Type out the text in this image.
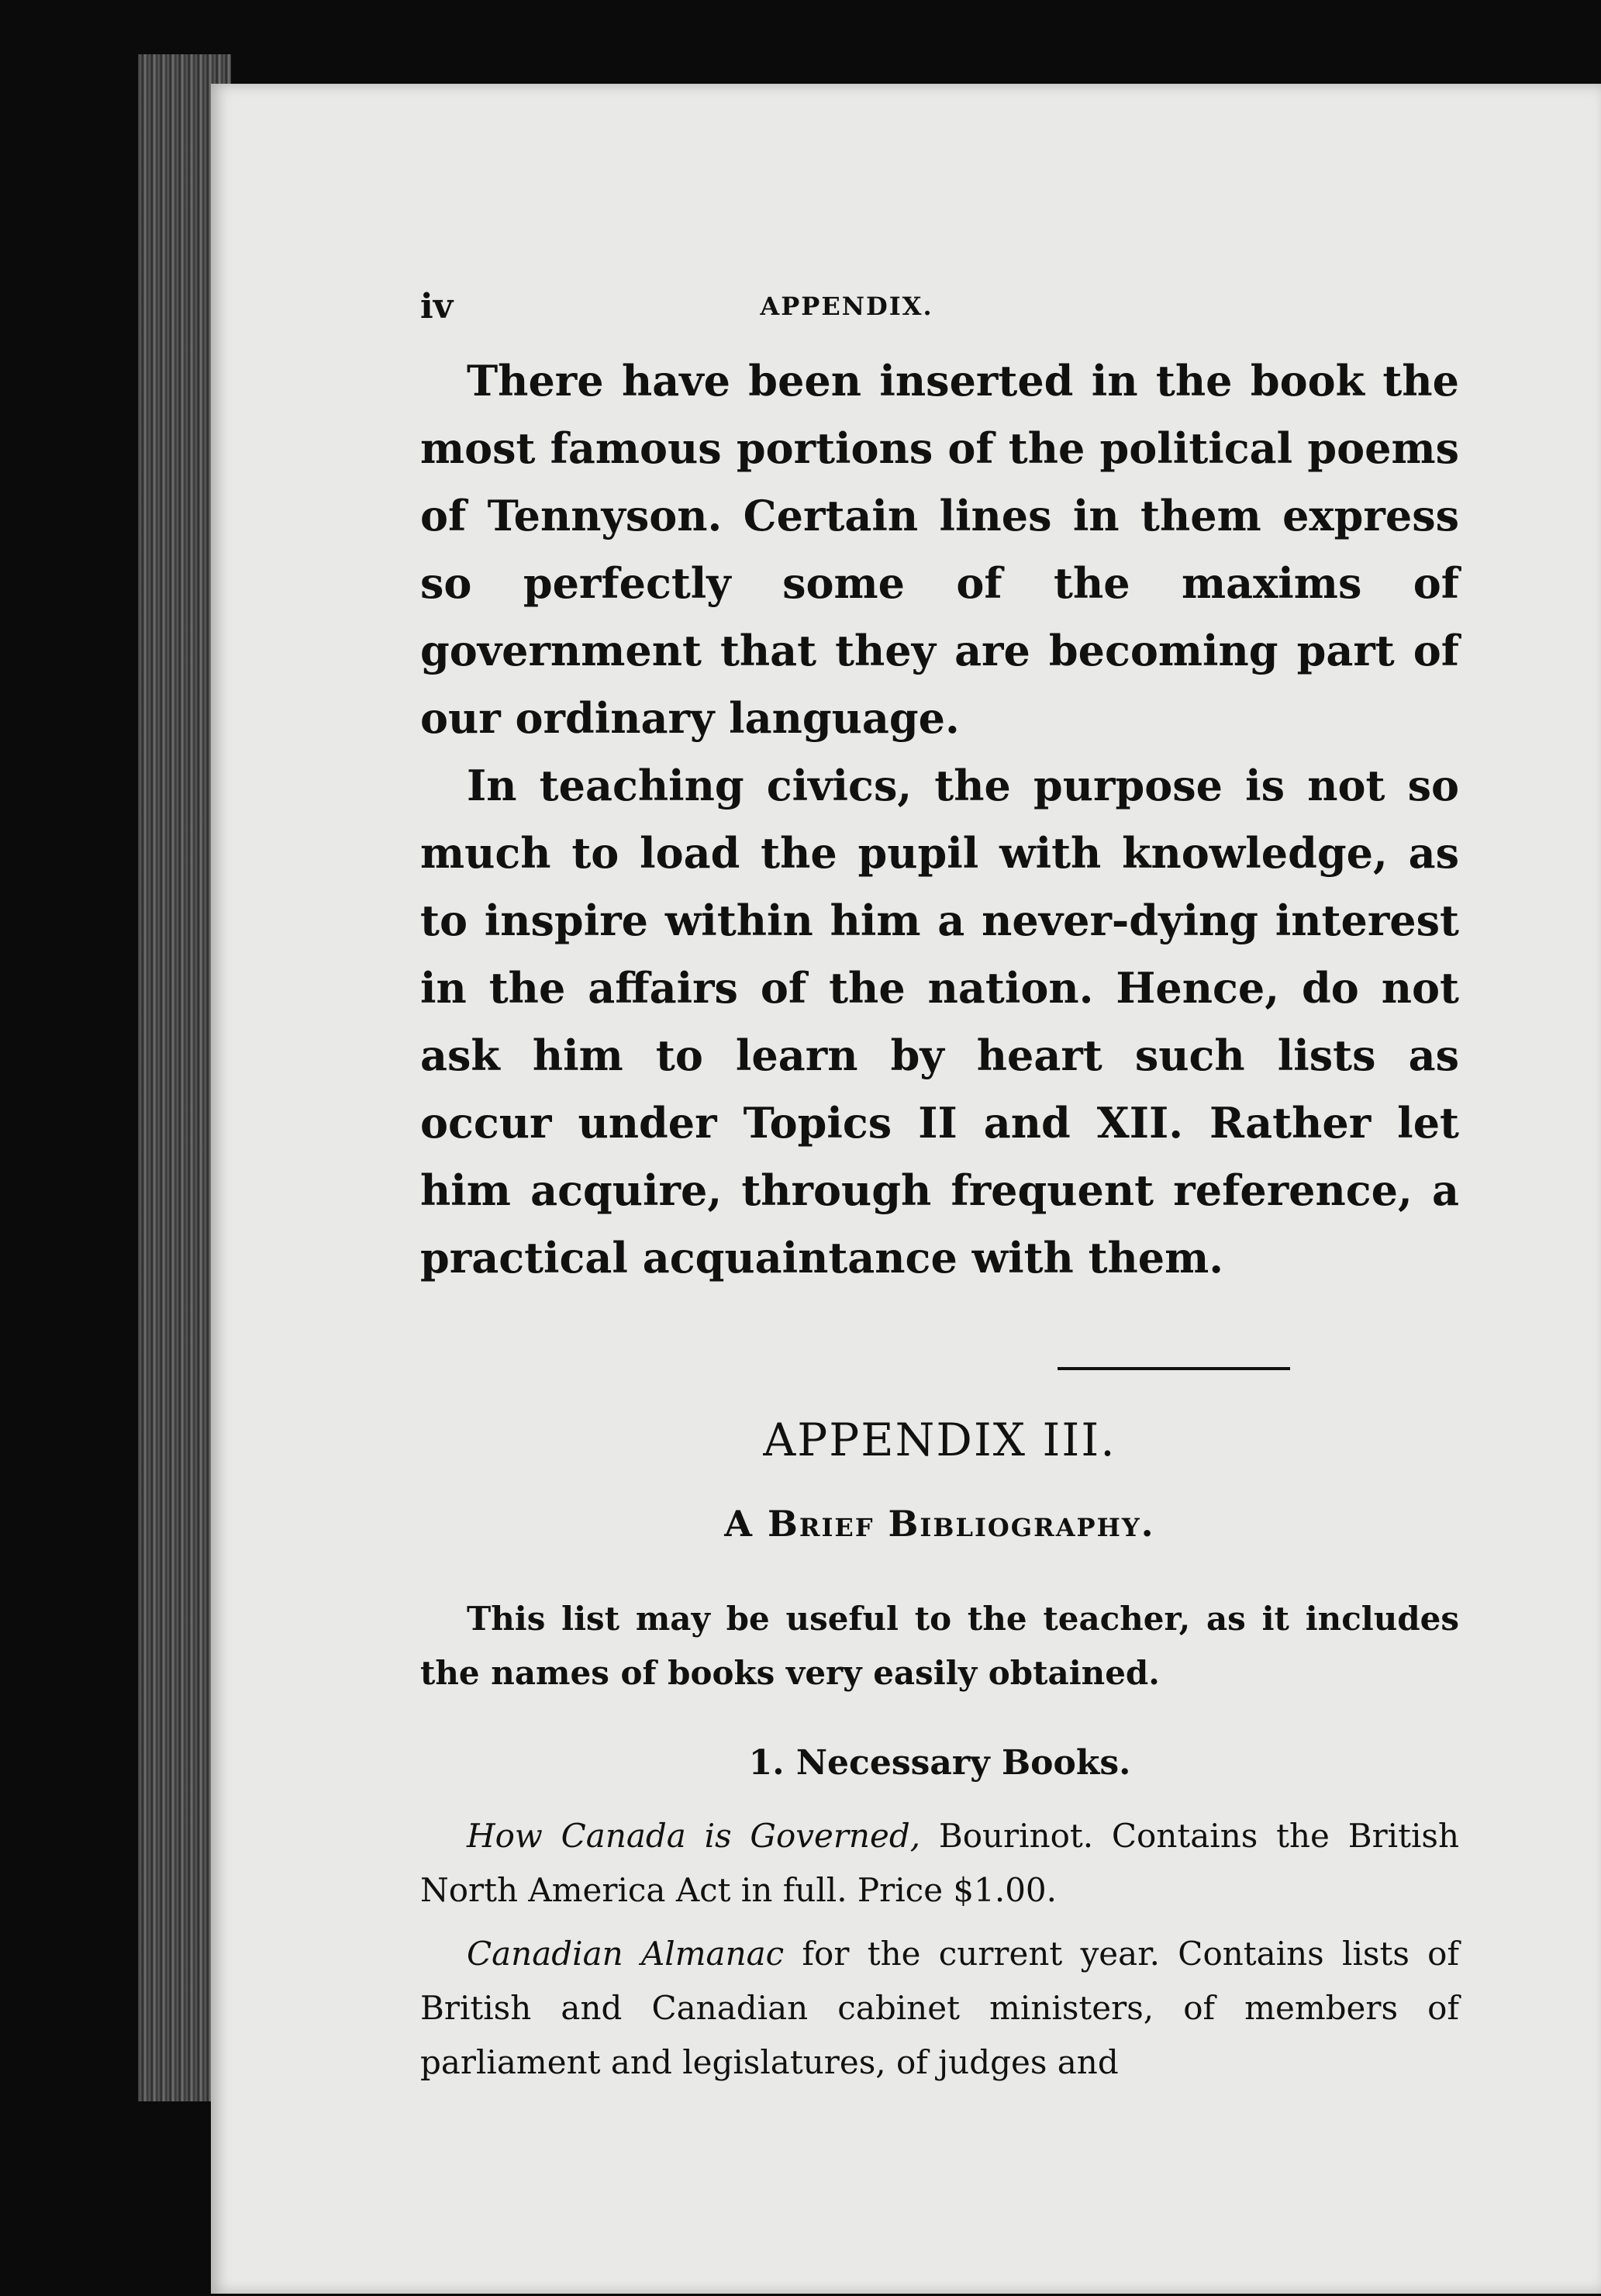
iv	APPENDIX.

There have been inserted in the book the most famous portions of the political poems of Tennyson. Certain lines in them express so perfectly some of the maxims of government that they are becoming part of our ordinary language.

In teaching civics, the purpose is not so much to load the pupil with knowledge, as to inspire within him a never-dying interest in the affairs of the nation. Hence, do not ask him to learn by heart such lists as occur under Topics II and XII. Rather let him acquire, through frequent reference, a practical acquaintance with them.

APPENDIX III.
A Brief Bibliography.

This list may be useful to the teacher, as it includes the names of books very easily obtained.

1. Necessary Books.

How Canada is Governed, Bourinot. Contains the British North America Act in full. Price $1.00.

Canadian Almanac for the current year. Contains lists of British and Canadian cabinet ministers, of members of parliament and legislatures, of judges and
